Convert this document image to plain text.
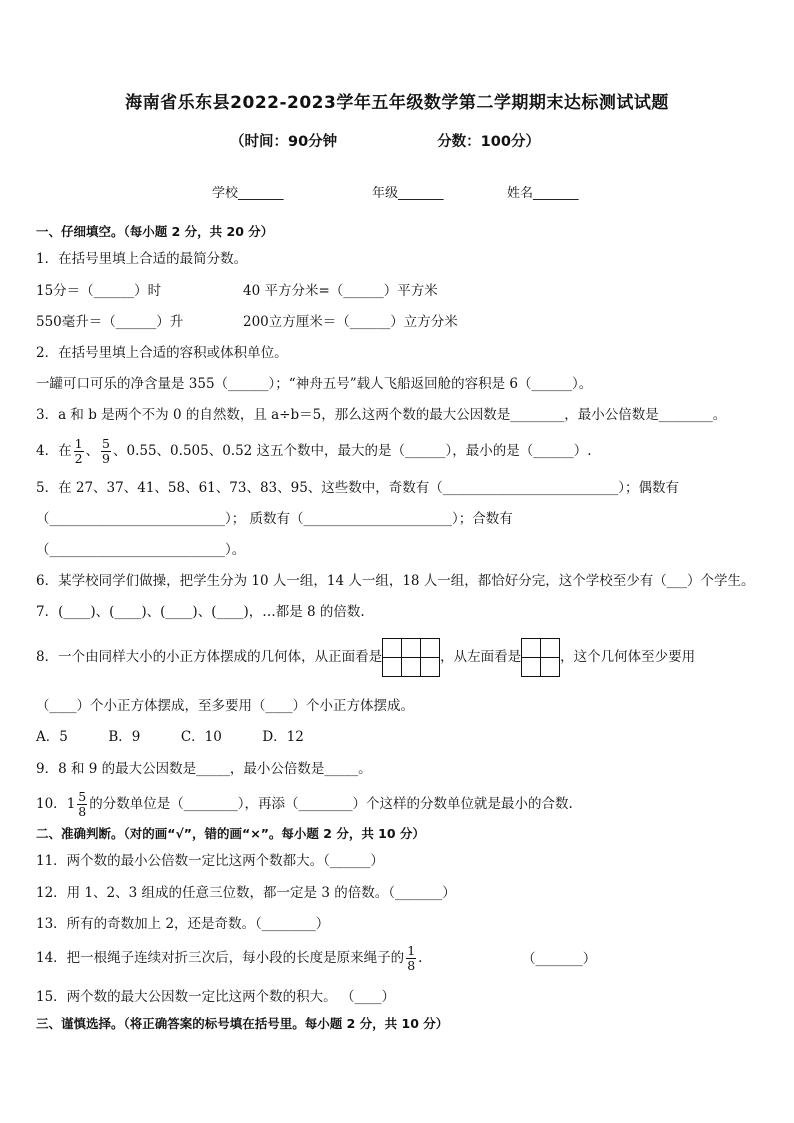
海南省乐东县2022-2023学年五年级数学第二学期期末达标测试试题
（时间：90分钟	分数：100分）
学校_______	年级_______	姓名_______
一、仔细填空。（每小题 2 分，共 20 分）
1．在括号里填上合适的最简分数。
15分＝（______）时	40 平方分米=（______）平方米
550毫升＝（______）升	200立方厘米＝（______）立方分米
2．在括号里填上合适的容积或体积单位。
一罐可口可乐的净含量是 355（______）；“神舟五号”载人飞船返回舱的容积是 6（______）。
3．a 和 b 是两个不为 0 的自然数，且 a÷b＝5，那么这两个数的最大公因数是________，最小公倍数是________。
4．在 $\frac{1}{2}$ 、 $\frac{5}{9}$ 、0.55、0.505、0.52 这五个数中，最大的是（______），最小的是（______）.
5．在 27、37、41、58、61、73、83、95、这些数中，奇数有（__________________________）；偶数有
（__________________________）； 质数有（______________________）；合数有
（__________________________）。
6．某学校同学们做操，把学生分为 10 人一组，14 人一组，18 人一组，都恰好分完，这个学校至少有（___）个学生。
7．(____)、(____)、(____)、(____)，…都是 8 的倍数.
8．一个由同样大小的小正方体摆成的几何体，从正面看是

			，从左面看是

		，这个几何体至少要用
（____）个小正方体摆成，至多要用（____）个小正方体摆成。
A．5　　　B．9　　　C．10　　　D．12
9．8 和 9 的最大公因数是_____，最小公倍数是_____。
10． $1 \frac{5}{8}$ 的分数单位是（________），再添（________）个这样的分数单位就是最小的合数.
二、准确判断。（对的画“√”，错的画“×”。每小题 2 分，共 10 分）
11．两个数的最小公倍数一定比这两个数都大。（______）
12．用 1、2、3 组成的任意三位数，都一定是 3 的倍数。（_______）
13．所有的奇数加上 2，还是奇数。（________）
14．把一根绳子连续对折三次后，每小段的长度是原来绳子的 $\frac{1}{8}$ .	（_______）
15．两个数的最大公因数一定比这两个数的积大。 （____）
三、谨慎选择。（将正确答案的标号填在括号里。每小题 2 分，共 10 分）
